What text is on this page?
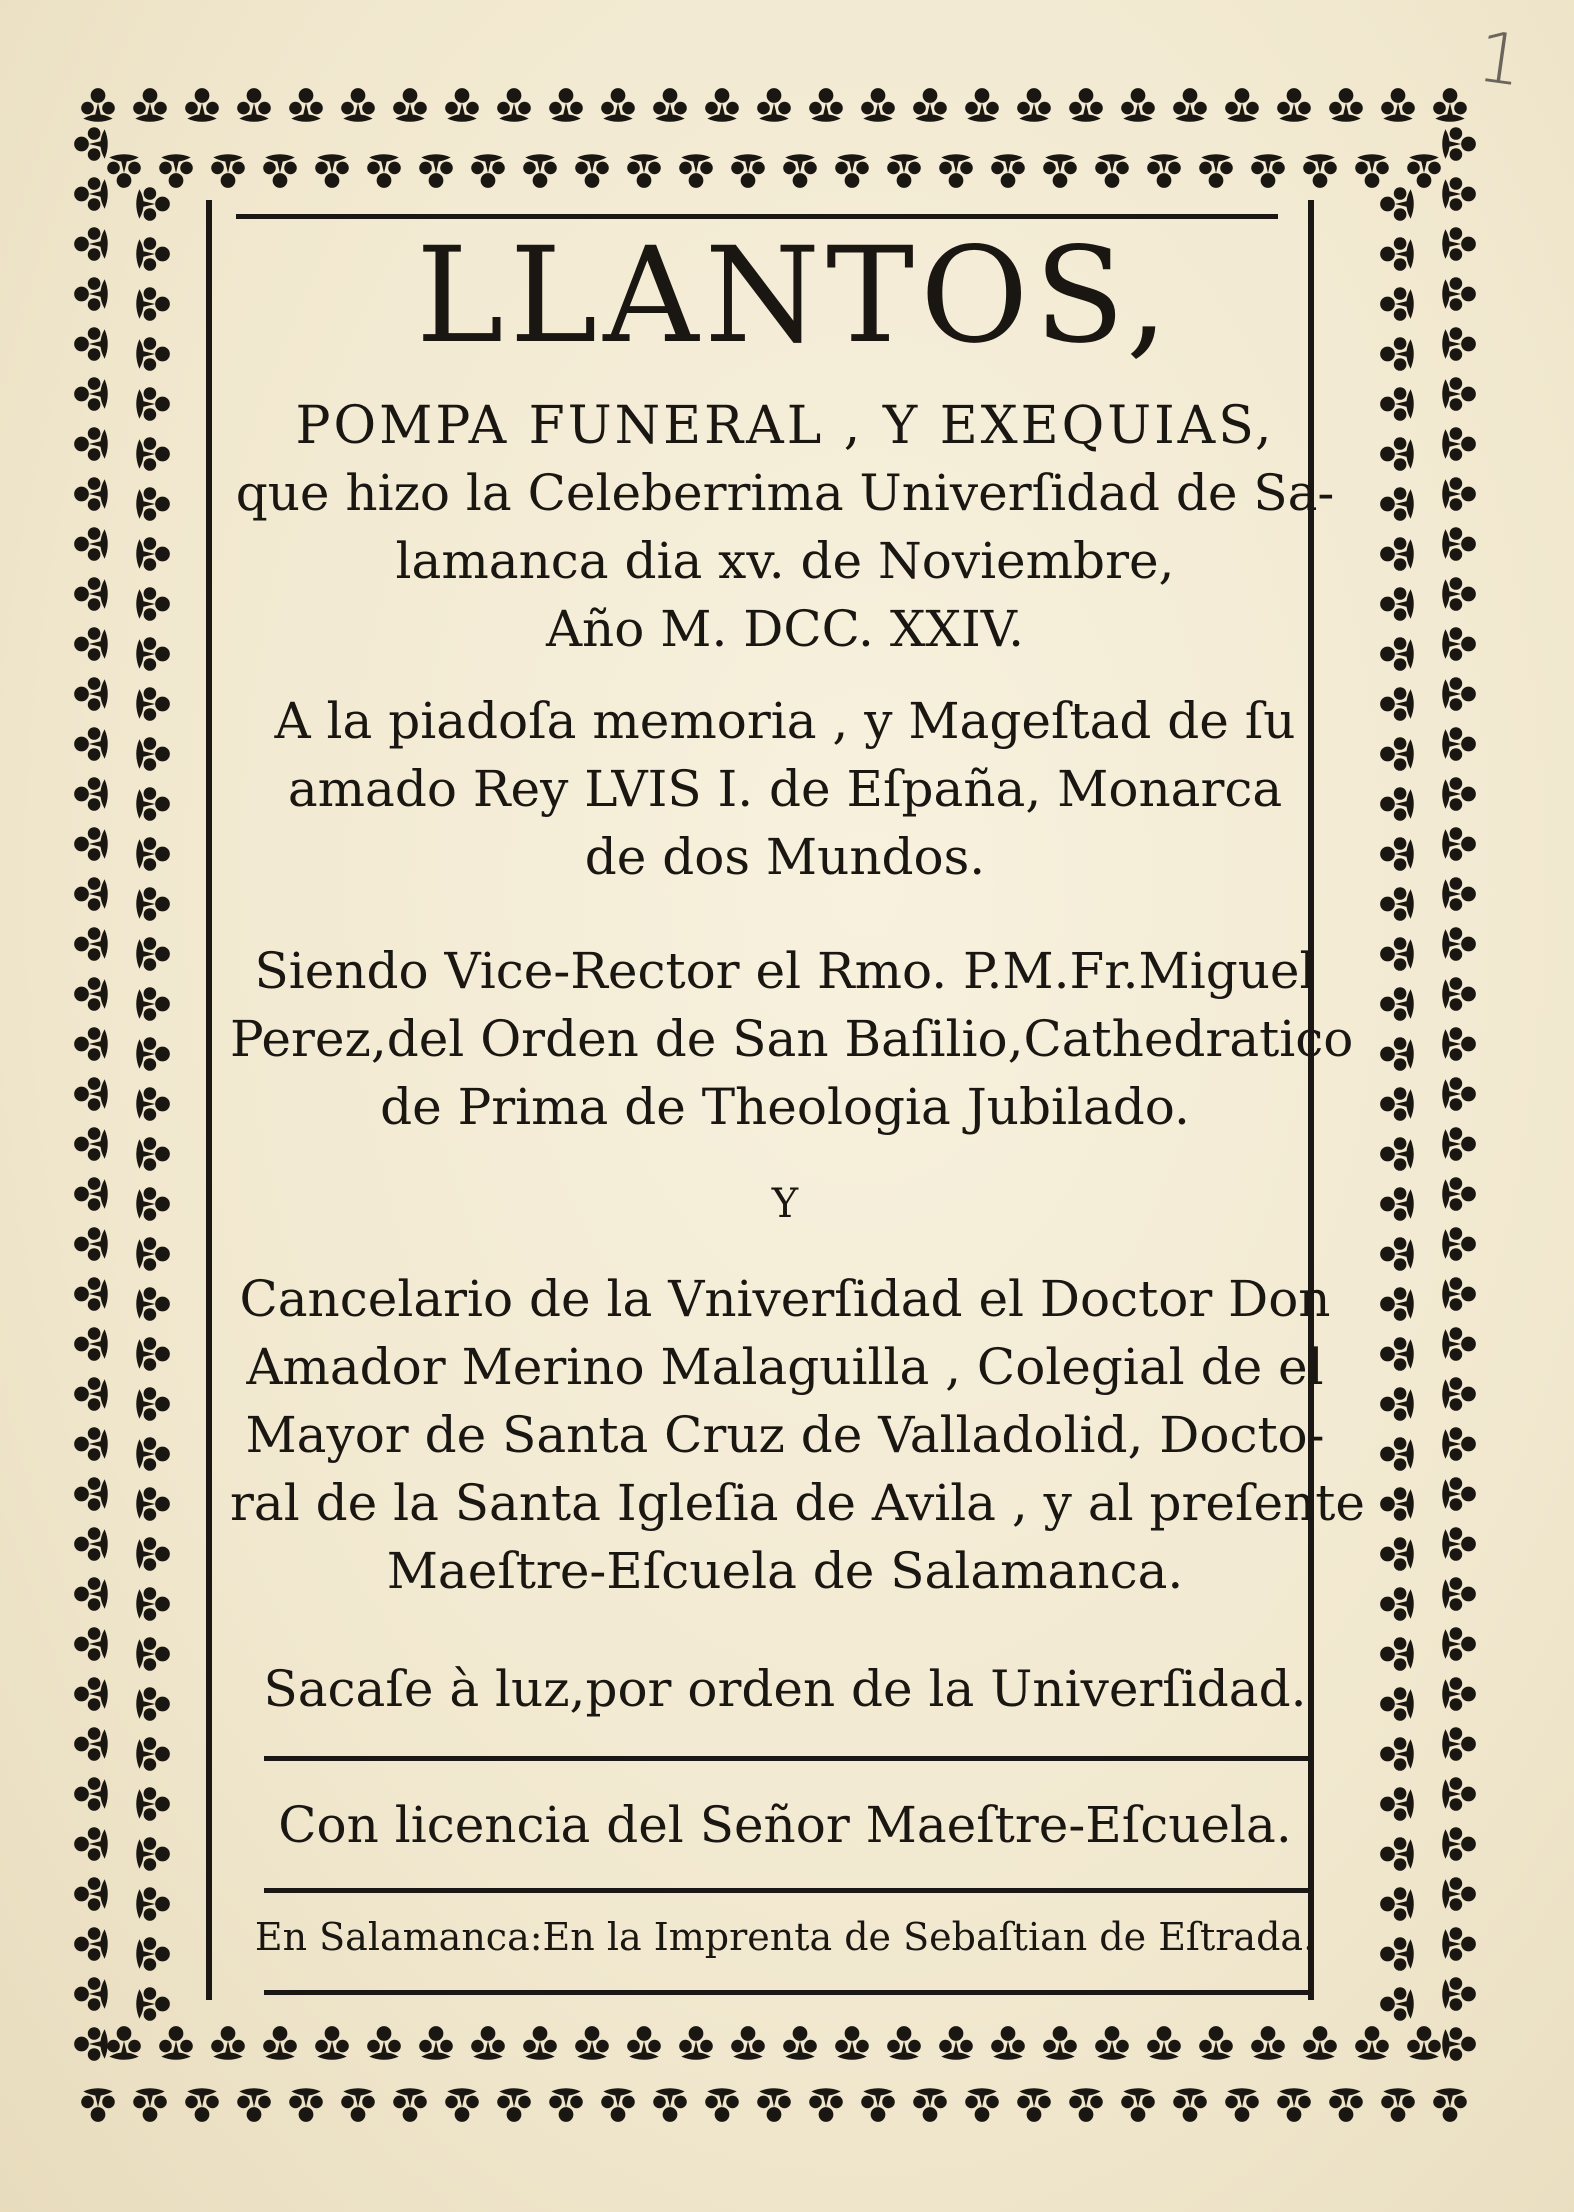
1
LLANTOS,
POMPA FUNERAL , Y EXEQUIAS,
que hizo la Celeberrima Univerſidad de Sa-
lamanca dia xv. de Noviembre,
Año M. DCC. XXIV.
A la piadoſa memoria , y Mageſtad de ſu
amado Rey LVIS I. de Eſpaña, Monarca
de dos Mundos.
Siendo Vice-Rector el Rmo. P.M.Fr.Miguel
Perez,del Orden de San Baſilio,Cathedratico
de Prima de Theologia Jubilado.
Y
Cancelario de la Vniverſidad el Doctor Don
Amador Merino Malaguilla , Colegial de el
Mayor de Santa Cruz de Valladolid, Docto-
ral de la Santa Igleſia de Avila , y al preſente
Maeſtre-Eſcuela de Salamanca.
Sacaſe à luz,por orden de la Univerſidad.
Con licencia del Señor Maeſtre-Eſcuela.
En Salamanca:En la Imprenta de Sebaſtian de Eſtrada.
